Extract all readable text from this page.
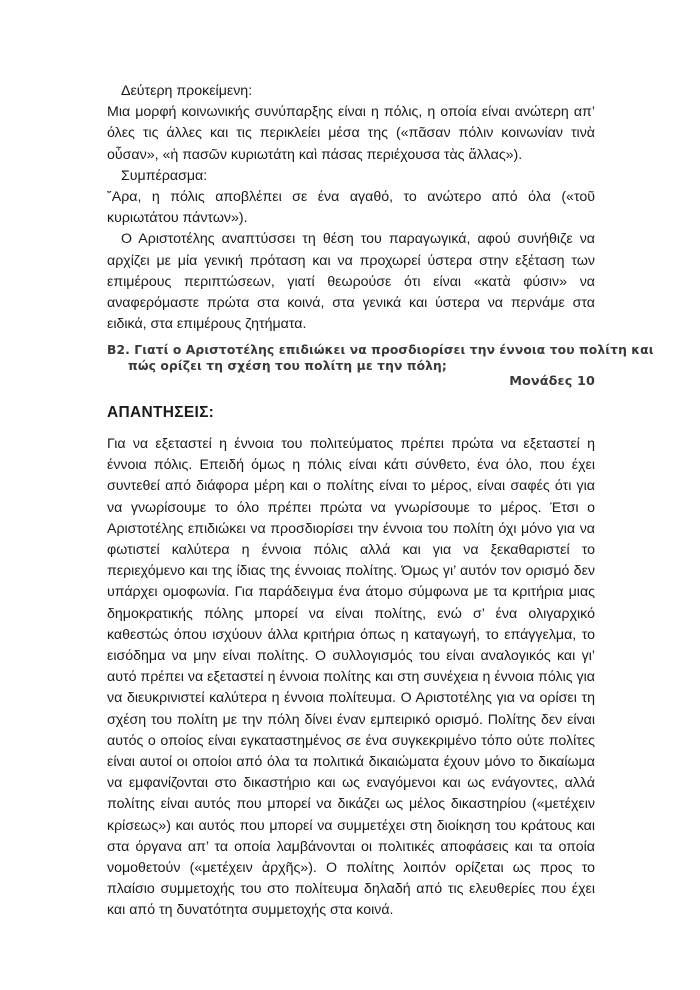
Δεύτερη προκείμενη:

Μια μορφή κοινωνικής συνύπαρξης είναι η πόλις, η οποία είναι ανώτερη απ’ όλες τις άλλες και τις περικλείει μέσα της («πᾶσαν πόλιν κοινωνίαν τινὰ οὖσαν», «ἡ πασῶν κυριωτάτη καὶ πάσας περιέχουσα τὰς ἄλλας»).

Συμπέρασμα:

῎Αρα, η πόλις αποβλέπει σε ένα αγαθό, το ανώτερο από όλα («τοῦ κυριωτάτου πάντων»).

Ο Αριστοτέλης αναπτύσσει τη θέση του παραγωγικά, αφού συνήθιζε να αρχίζει με μία γενική πρόταση και να προχωρεί ύστερα στην εξέταση των επιμέρους περιπτώσεων, γιατί θεωρούσε ότι είναι «κατὰ φύσιν» να αναφερόμαστε πρώτα στα κοινά, στα γενικά και ύστερα να περνάμε στα ειδικά, στα επιμέρους ζητήματα.

Β2. Γιατί ο Αριστοτέλης επιδιώκει να προσδιορίσει την έννοια του πολίτη και
πώς ορίζει τη σχέση του πολίτη με την πόλη;
Μονάδες 10
ΑΠΑΝΤΗΣΕΙΣ:

Για να εξεταστεί η έννοια του πολιτεύματος πρέπει πρώτα να εξεταστεί η έννοια πόλις. Επειδή όμως η πόλις είναι κάτι σύνθετο, ένα όλο, που έχει συντεθεί από διάφορα μέρη και ο πολίτης είναι το μέρος, είναι σαφές ότι για να γνωρίσουμε το όλο πρέπει πρώτα να γνωρίσουμε το μέρος. Έτσι ο Αριστοτέλης επιδιώκει να προσδιορίσει την έννοια του πολίτη όχι μόνο για να φωτιστεί καλύτερα η έννοια πόλις αλλά και για να ξεκαθαριστεί το περιεχόμενο και της ίδιας της έννοιας πολίτης. Όμως γι’ αυτόν τον ορισμό δεν υπάρχει ομοφωνία. Για παράδειγμα ένα άτομο σύμφωνα με τα κριτήρια μιας δημοκρατικής πόλης μπορεί να είναι πολίτης, ενώ σ’ ένα ολιγαρχικό καθεστώς όπου ισχύουν άλλα κριτήρια όπως η καταγωγή, το επάγγελμα, το εισόδημα να μην είναι πολίτης. Ο συλλογισμός του είναι αναλογικός και γι’ αυτό πρέπει να εξεταστεί η έννοια πολίτης και στη συνέχεια η έννοια πόλις για να διευκρινιστεί καλύτερα η έννοια πολίτευμα. Ο Αριστοτέλης για να ορίσει τη σχέση του πολίτη με την πόλη δίνει έναν εμπειρικό ορισμό. Πολίτης δεν είναι αυτός ο οποίος είναι εγκαταστημένος σε ένα συγκεκριμένο τόπο ούτε πολίτες είναι αυτοί οι οποίοι από όλα τα πολιτικά δικαιώματα έχουν μόνο το δικαίωμα να εμφανίζονται στο δικαστήριο και ως εναγόμενοι και ως ενάγοντες, αλλά πολίτης είναι αυτός που μπορεί να δικάζει ως μέλος δικαστηρίου («μετέχειν κρίσεως») και αυτός που μπορεί να συμμετέχει στη διοίκηση του κράτους και στα όργανα απ’ τα οποία λαμβάνονται οι πολιτικές αποφάσεις και τα οποία νομοθετούν («μετέχειν ἀρχῆς»). Ο πολίτης λοιπόν ορίζεται ως προς το πλαίσιο συμμετοχής του στο πολίτευμα δηλαδή από τις ελευθερίες που έχει και από τη δυνατότητα συμμετοχής στα κοινά.
